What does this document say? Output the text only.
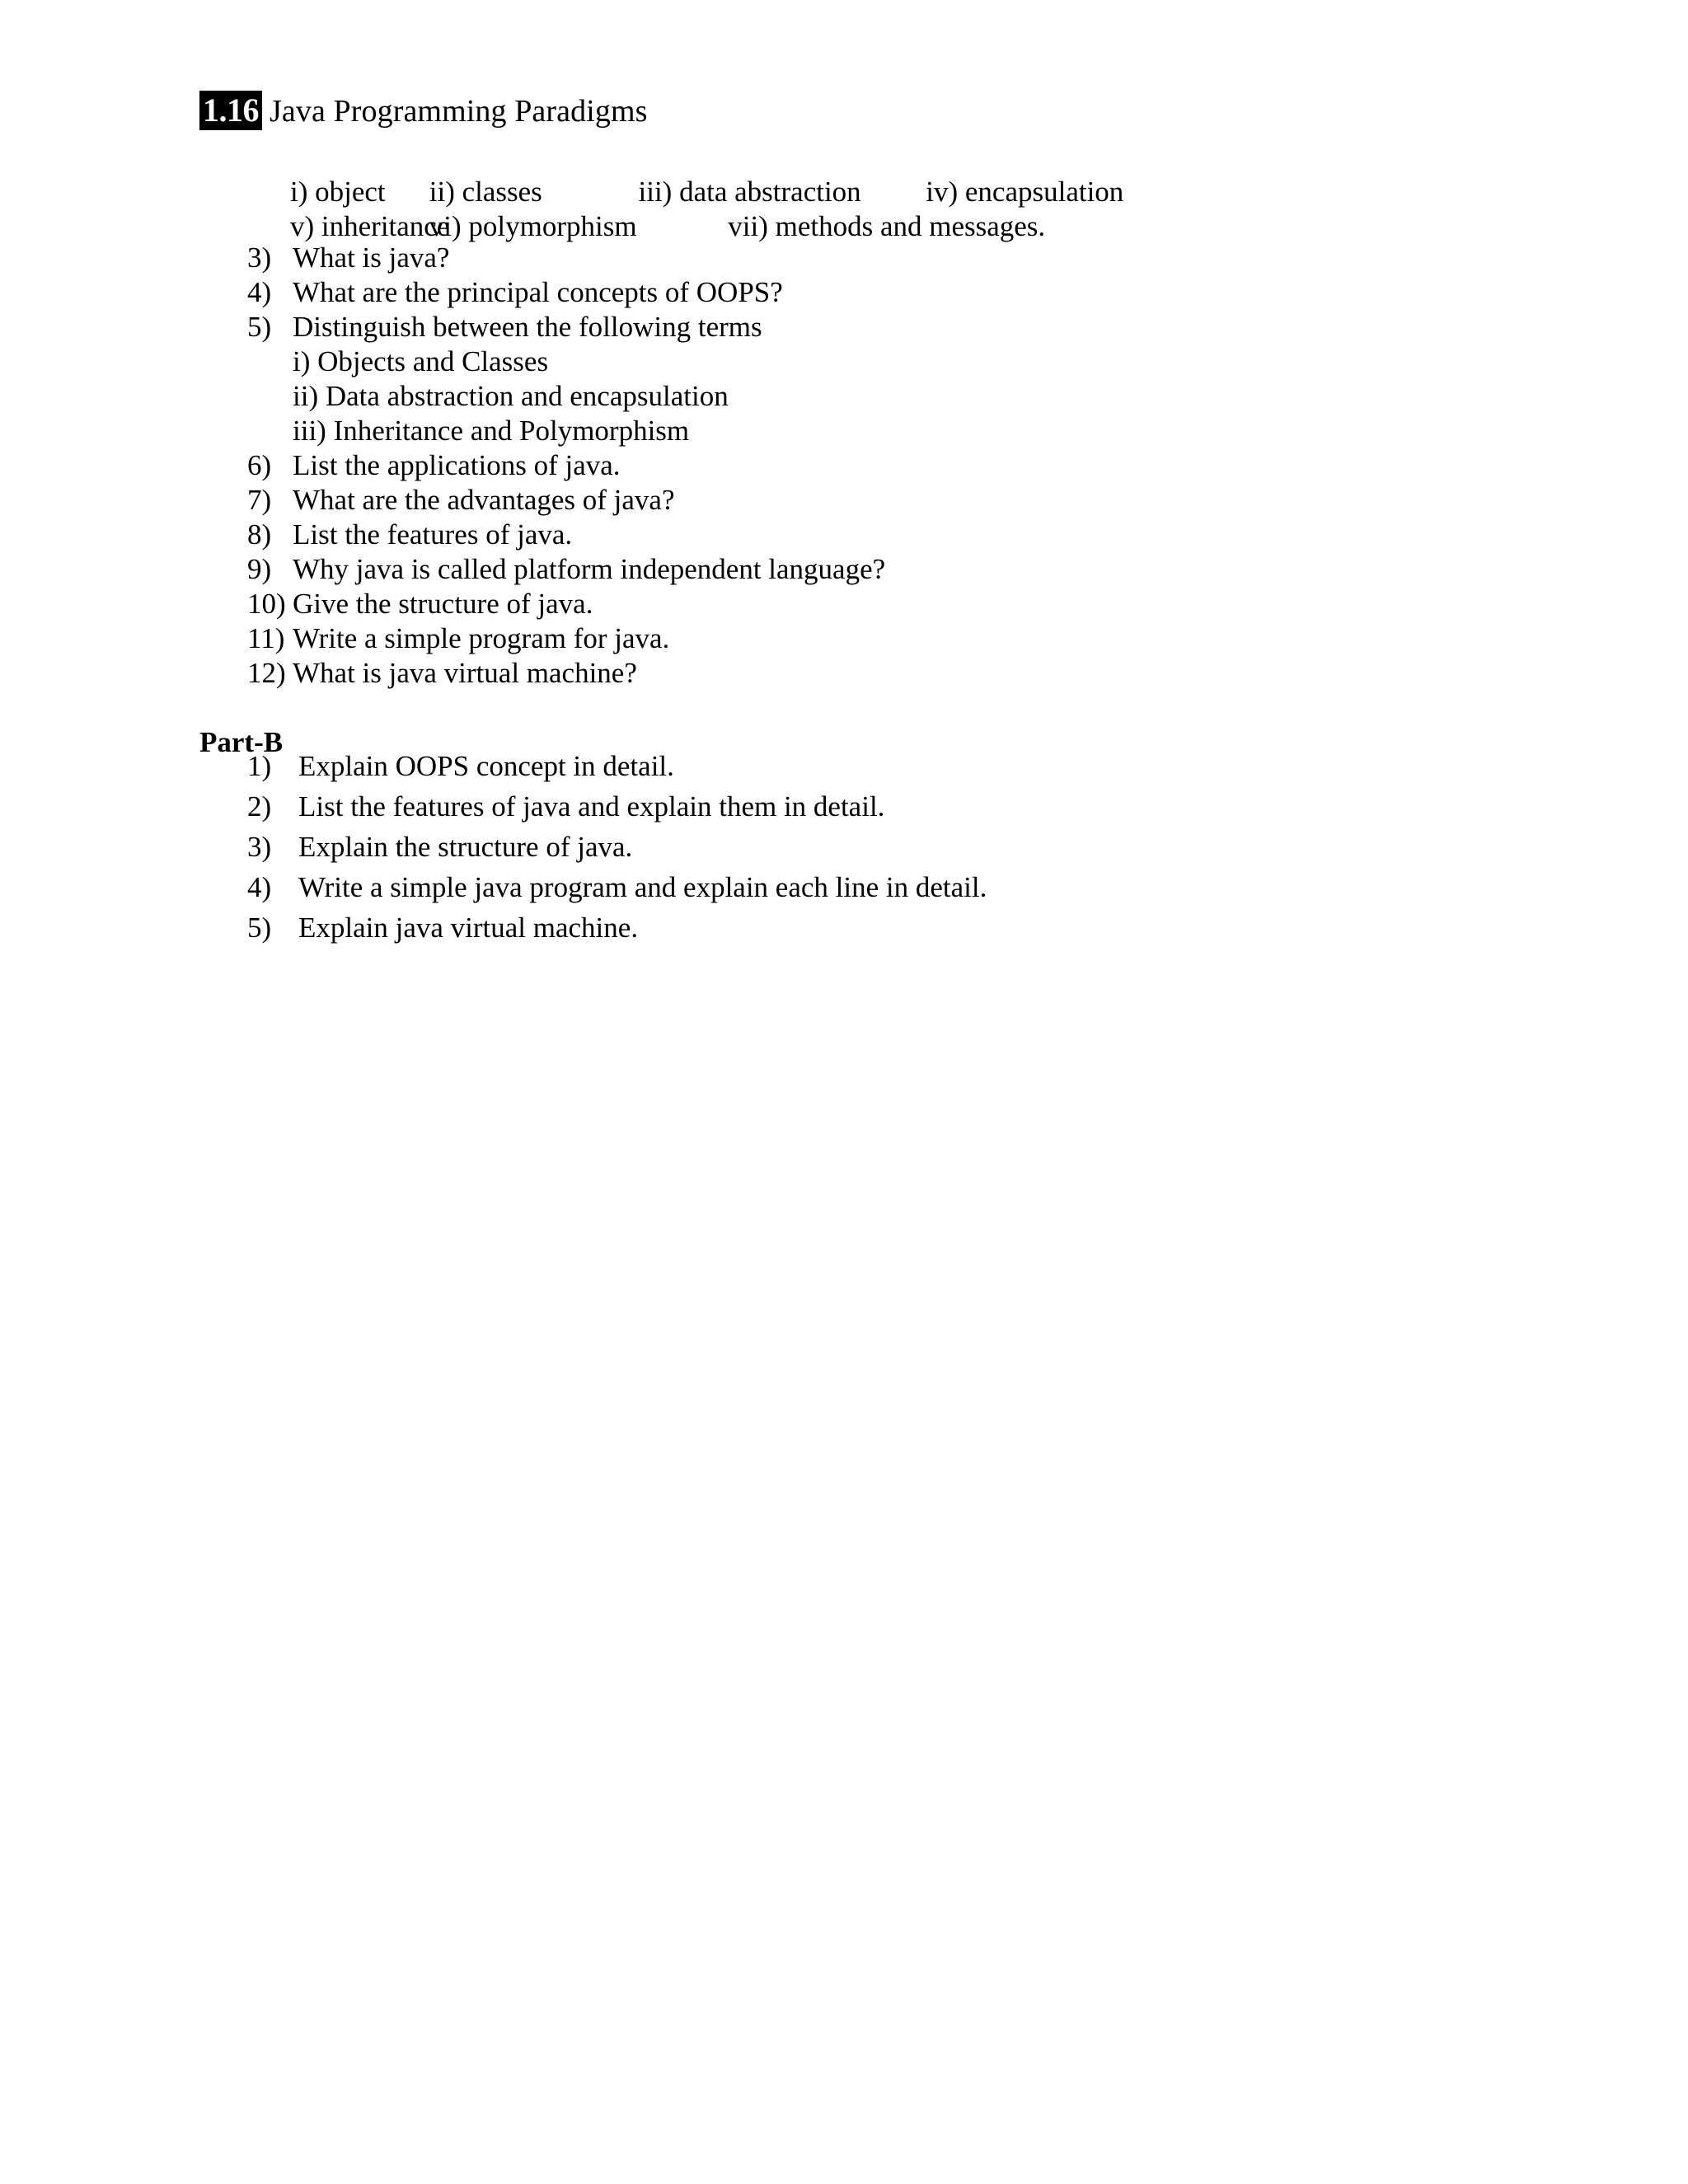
1.16 Java Programming Paradigms
i) object ii) classes	iii) data abstraction iv) encapsulation
v) inheritance vi) polymorphism	vii) methods and messages.
3) What is java?
4) What are the principal concepts of OOPS?
5) Distinguish between the following terms
i) Objects and Classes
ii) Data abstraction and encapsulation
iii) Inheritance and Polymorphism
6) List the applications of java.
7) What are the advantages of java?
8) List the features of java.
9) Why java is called platform independent language?
10) Give the structure of java.
11) Write a simple program for java.
12) What is java virtual machine?
Part-B
1) Explain OOPS concept in detail.
2) List the features of java and explain them in detail.
3) Explain the structure of java.
4) Write a simple java program and explain each line in detail.
5) Explain java virtual machine.
